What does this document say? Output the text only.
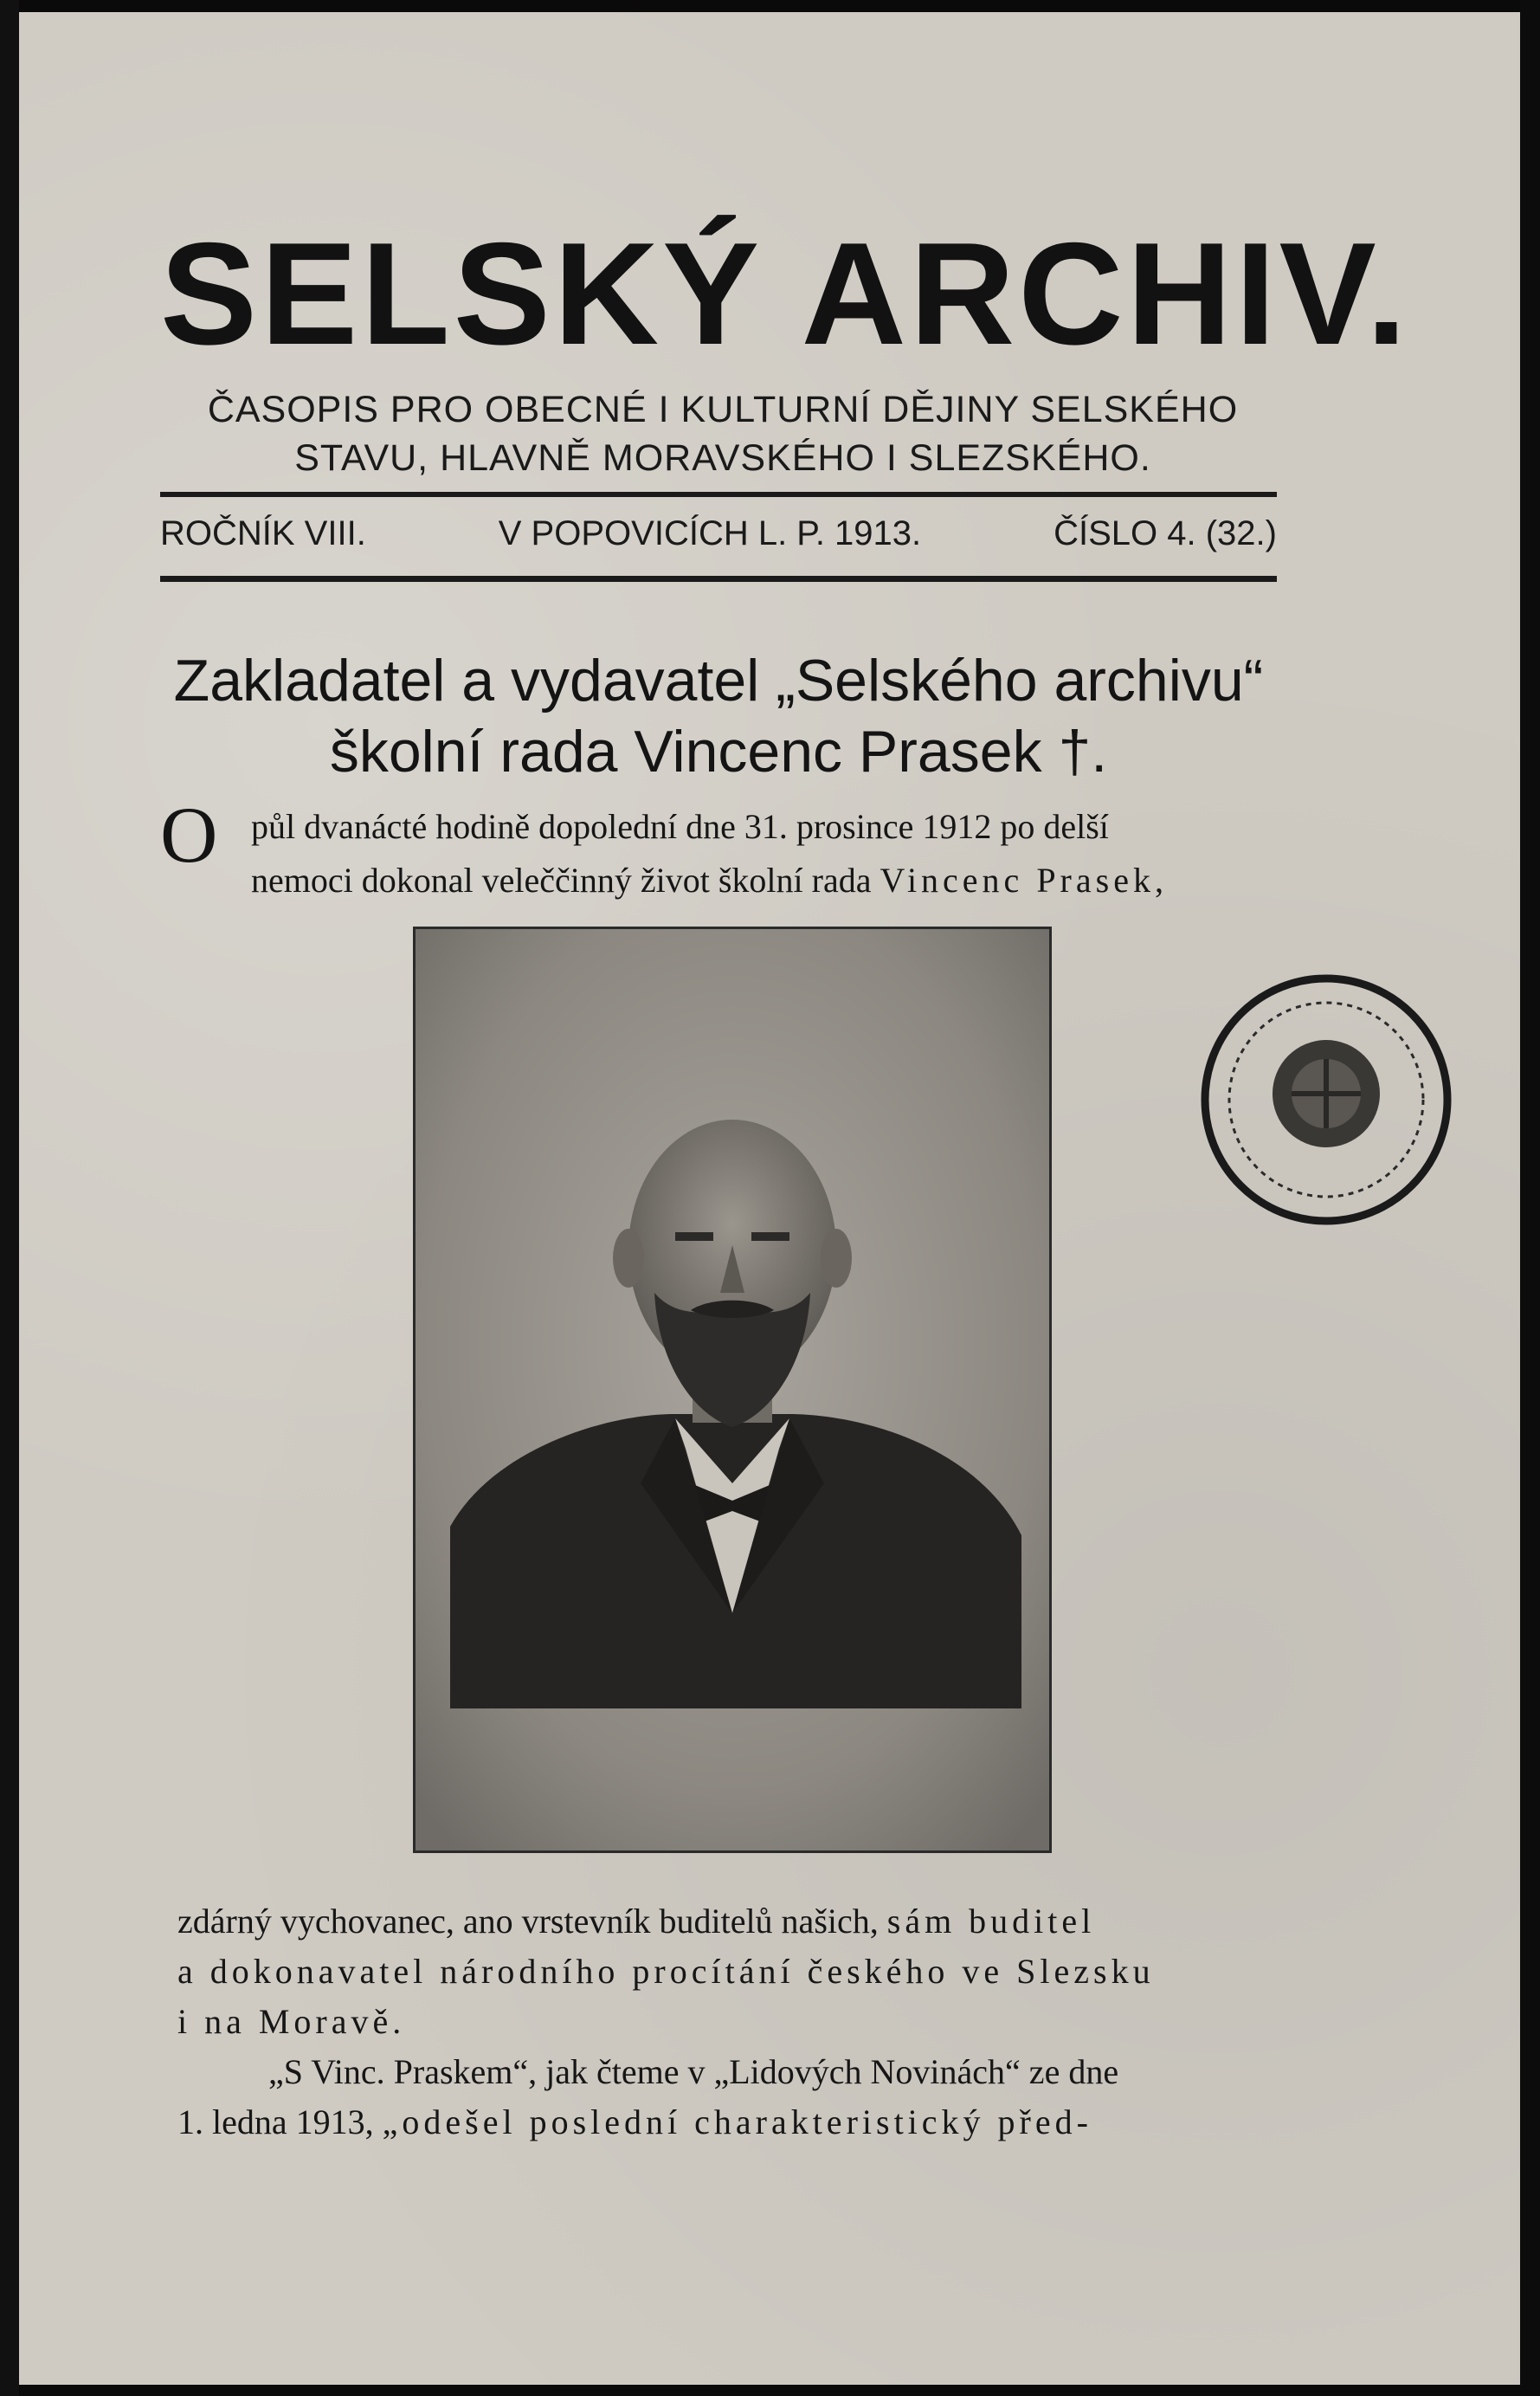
SELSKÝ ARCHIV.
ČASOPIS PRO OBECNÉ I KULTURNÍ DĚJINY SELSKÉHO
STAVU, HLAVNĚ MORAVSKÉHO I SLEZSKÉHO.
ROČNÍK VIII.	V POPOVICÍCH L. P. 1913.	ČÍSLO 4. (32.)
Zakladatel a vydavatel „Selského archivu“
školní rada Vincenc Prasek †.
O půl dvanácté hodině dopolední dne 31. prosince 1912 po delší
nemoci dokonal veleččinný život školní rada Vincenc Prasek,
zdárný vychovanec, ano vrstevník buditelů našich, sám buditel
a dokonavatel národního procítání českého ve Slezsku
i na Moravě.
„S Vinc. Praskem“, jak čteme v „Lidových Novinách“ ze dne
1. ledna 1913, „odešel poslední charakteristický před-
